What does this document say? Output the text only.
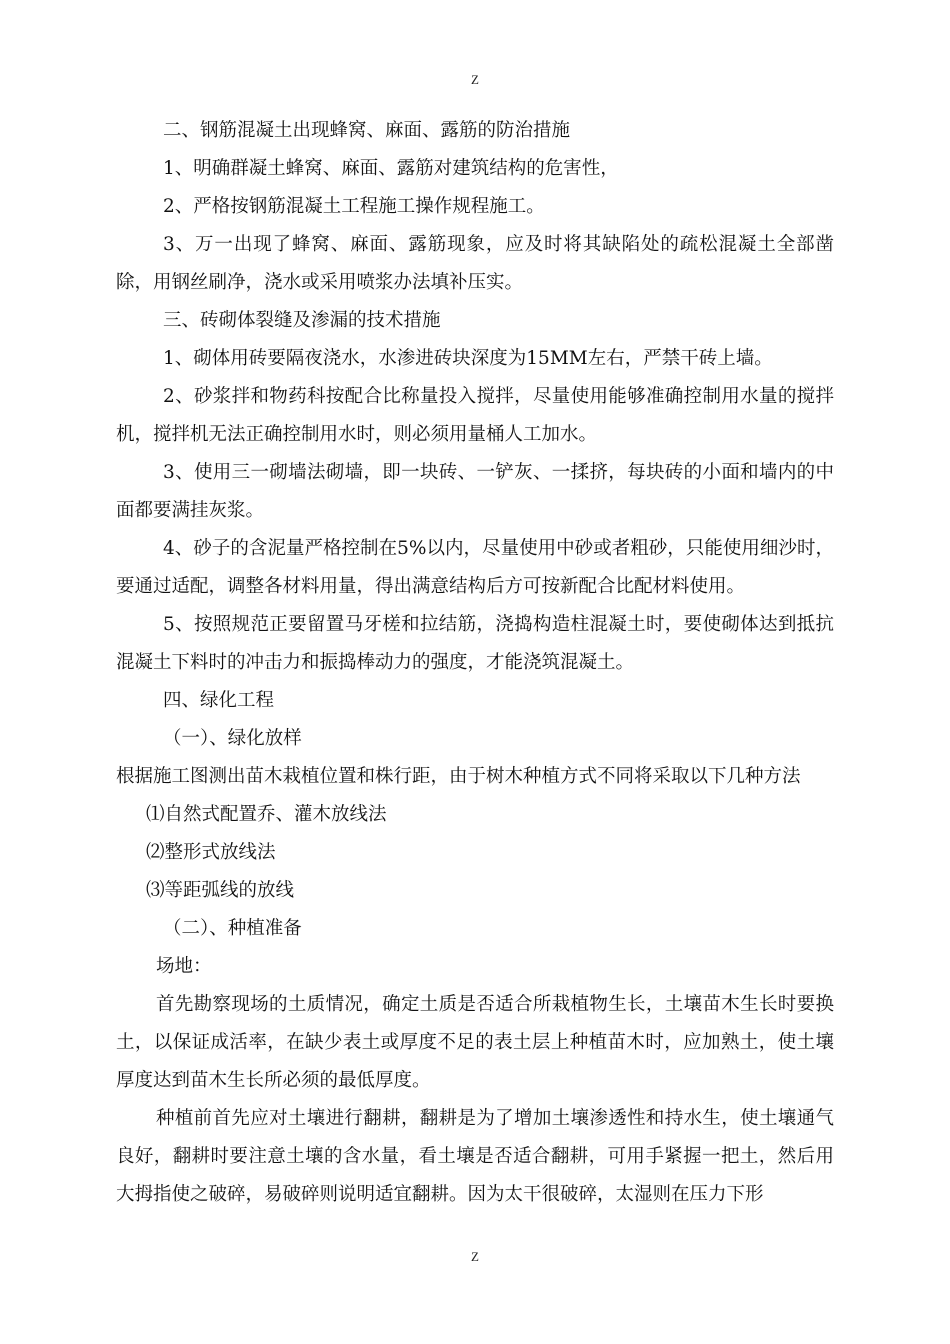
Z

二、钢筋混凝土出现蜂窝、麻面、露筋的防治措施

1、明确群凝土蜂窝、麻面、露筋对建筑结构的危害性，

2、严格按钢筋混凝土工程施工操作规程施工。

3、万一出现了蜂窝、麻面、露筋现象，应及时将其缺陷处的疏松混凝土全部凿除，用钢丝刷净，浇水或采用喷浆办法填补压实。

三、砖砌体裂缝及渗漏的技术措施

1、砌体用砖要隔夜浇水，水渗进砖块深度为15MM左右，严禁干砖上墙。

2、砂浆拌和物药科按配合比称量投入搅拌，尽量使用能够准确控制用水量的搅拌机，搅拌机无法正确控制用水时，则必须用量桶人工加水。

3、使用三一砌墙法砌墙，即一块砖、一铲灰、一揉挤，每块砖的小面和墙内的中面都要满挂灰浆。

4、砂子的含泥量严格控制在5%以内，尽量使用中砂或者粗砂，只能使用细沙时，要通过适配，调整各材料用量，得出满意结构后方可按新配合比配材料使用。

5、按照规范正要留置马牙槎和拉结筋，浇捣构造柱混凝土时，要使砌体达到抵抗混凝土下料时的冲击力和振捣棒动力的强度，才能浇筑混凝土。

四、绿化工程

（一）、绿化放样

根据施工图测出苗木栽植位置和株行距，由于树木种植方式不同将采取以下几种方法

⑴自然式配置乔、灌木放线法

⑵整形式放线法

⑶等距弧线的放线

（二）、种植准备

场地：

首先勘察现场的土质情况，确定土质是否适合所栽植物生长，土壤苗木生长时要换土，以保证成活率，在缺少表土或厚度不足的表土层上种植苗木时，应加熟土，使土壤厚度达到苗木生长所必须的最低厚度。

种植前首先应对土壤进行翻耕，翻耕是为了增加土壤渗透性和持水生，使土壤通气良好，翻耕时要注意土壤的含水量，看土壤是否适合翻耕，可用手紧握一把土，然后用大拇指使之破碎，易破碎则说明适宜翻耕。因为太干很破碎，太湿则在压力下形

Z
